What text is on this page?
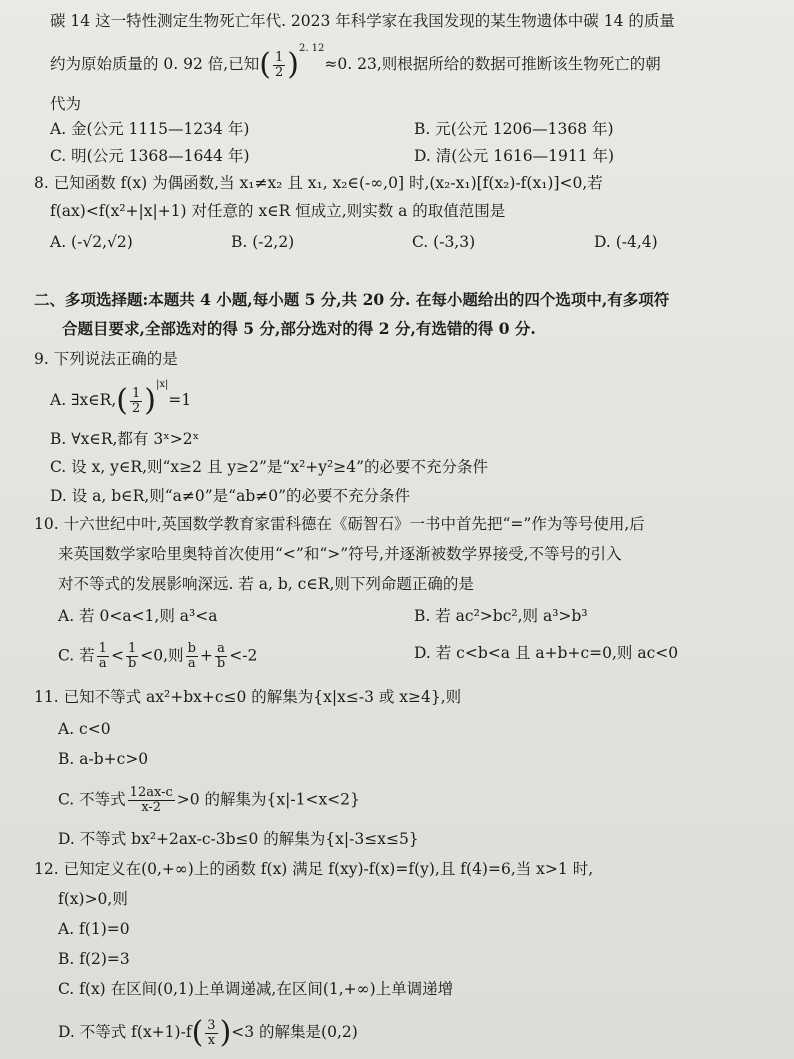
碳 14 这一特性测定生物死亡年代. 2023 年科学家在我国发现的某生物遗体中碳 14 的质量
约为原始质量的 0. 92 倍,已知( $\frac{1}{2} )^{2. 12}\approx 0$. 23,则根据所给的数据可推断该生物死亡的朝
代为
A. 金(公元 1115—1234 年)	B. 元(公元 1206—1368 年)
C. 明(公元 1368—1644 年)	D. 清(公元 1616—1911 年)
8. 已知函数 f(x) 为偶函数,当 x₁≠x₂ 且 x₁, x₂∈(-∞,0] 时,(x₂-x₁)[f(x₂)-f(x₁)]<0,若
f(ax)<f(x²+|x|+1) 对任意的 x∈R 恒成立,则实数 a 的取值范围是
A. (-√2,√2)	B. (-2,2)	C. (-3,3)	D. (-4,4)
二、多项选择题:本题共 4 小题,每小题 5 分,共 20 分. 在每小题给出的四个选项中,有多项符
合题目要求,全部选对的得 5 分,部分选对的得 2 分,有选错的得 0 分.
9. 下列说法正确的是
A. ∃x∈R,( $\frac{1}{2} )^{|x|}=1$
B. ∀x∈R,都有 3ˣ>2ˣ
C. 设 x, y∈R,则“x≥2 且 y≥2”是“x²+y²≥4”的必要不充分条件
D. 设 a, b∈R,则“a≠0”是“ab≠0”的必要不充分条件
10. 十六世纪中叶,英国数学教育家雷科德在《砺智石》一书中首先把“=”作为等号使用,后
来英国数学家哈里奥特首次使用“<”和“>”符号,并逐渐被数学界接受,不等号的引入
对不等式的发展影响深远. 若 a, b, c∈R,则下列命题正确的是
A. 若 0<a<1,则 a³<a	B. 若 ac²>bc²,则 a³>b³
C. 若 $\frac{1}{a} < \frac{1}{b} <0$,则 $\frac{b}{a} + \frac{a}{b} <-2$	D. 若 c<b<a 且 a+b+c=0,则 ac<0
11. 已知不等式 ax²+bx+c≤0 的解集为{x|x≤-3 或 x≥4},则
A. c<0
B. a-b+c>0
C. 不等式 $\frac{12ax-c}{x-2} >0$ 的解集为{x|-1<x<2}
D. 不等式 bx²+2ax-c-3b≤0 的解集为{x|-3≤x≤5}
12. 已知定义在(0,+∞)上的函数 f(x) 满足 f(xy)-f(x)=f(y),且 f(4)=6,当 x>1 时,
f(x)>0,则
A. f(1)=0
B. f(2)=3
C. f(x) 在区间(0,1)上单调递减,在区间(1,+∞)上单调递增
D. 不等式 $f(x+1)-f( \frac{3}{x} )<3$ 的解集是(0,2)
